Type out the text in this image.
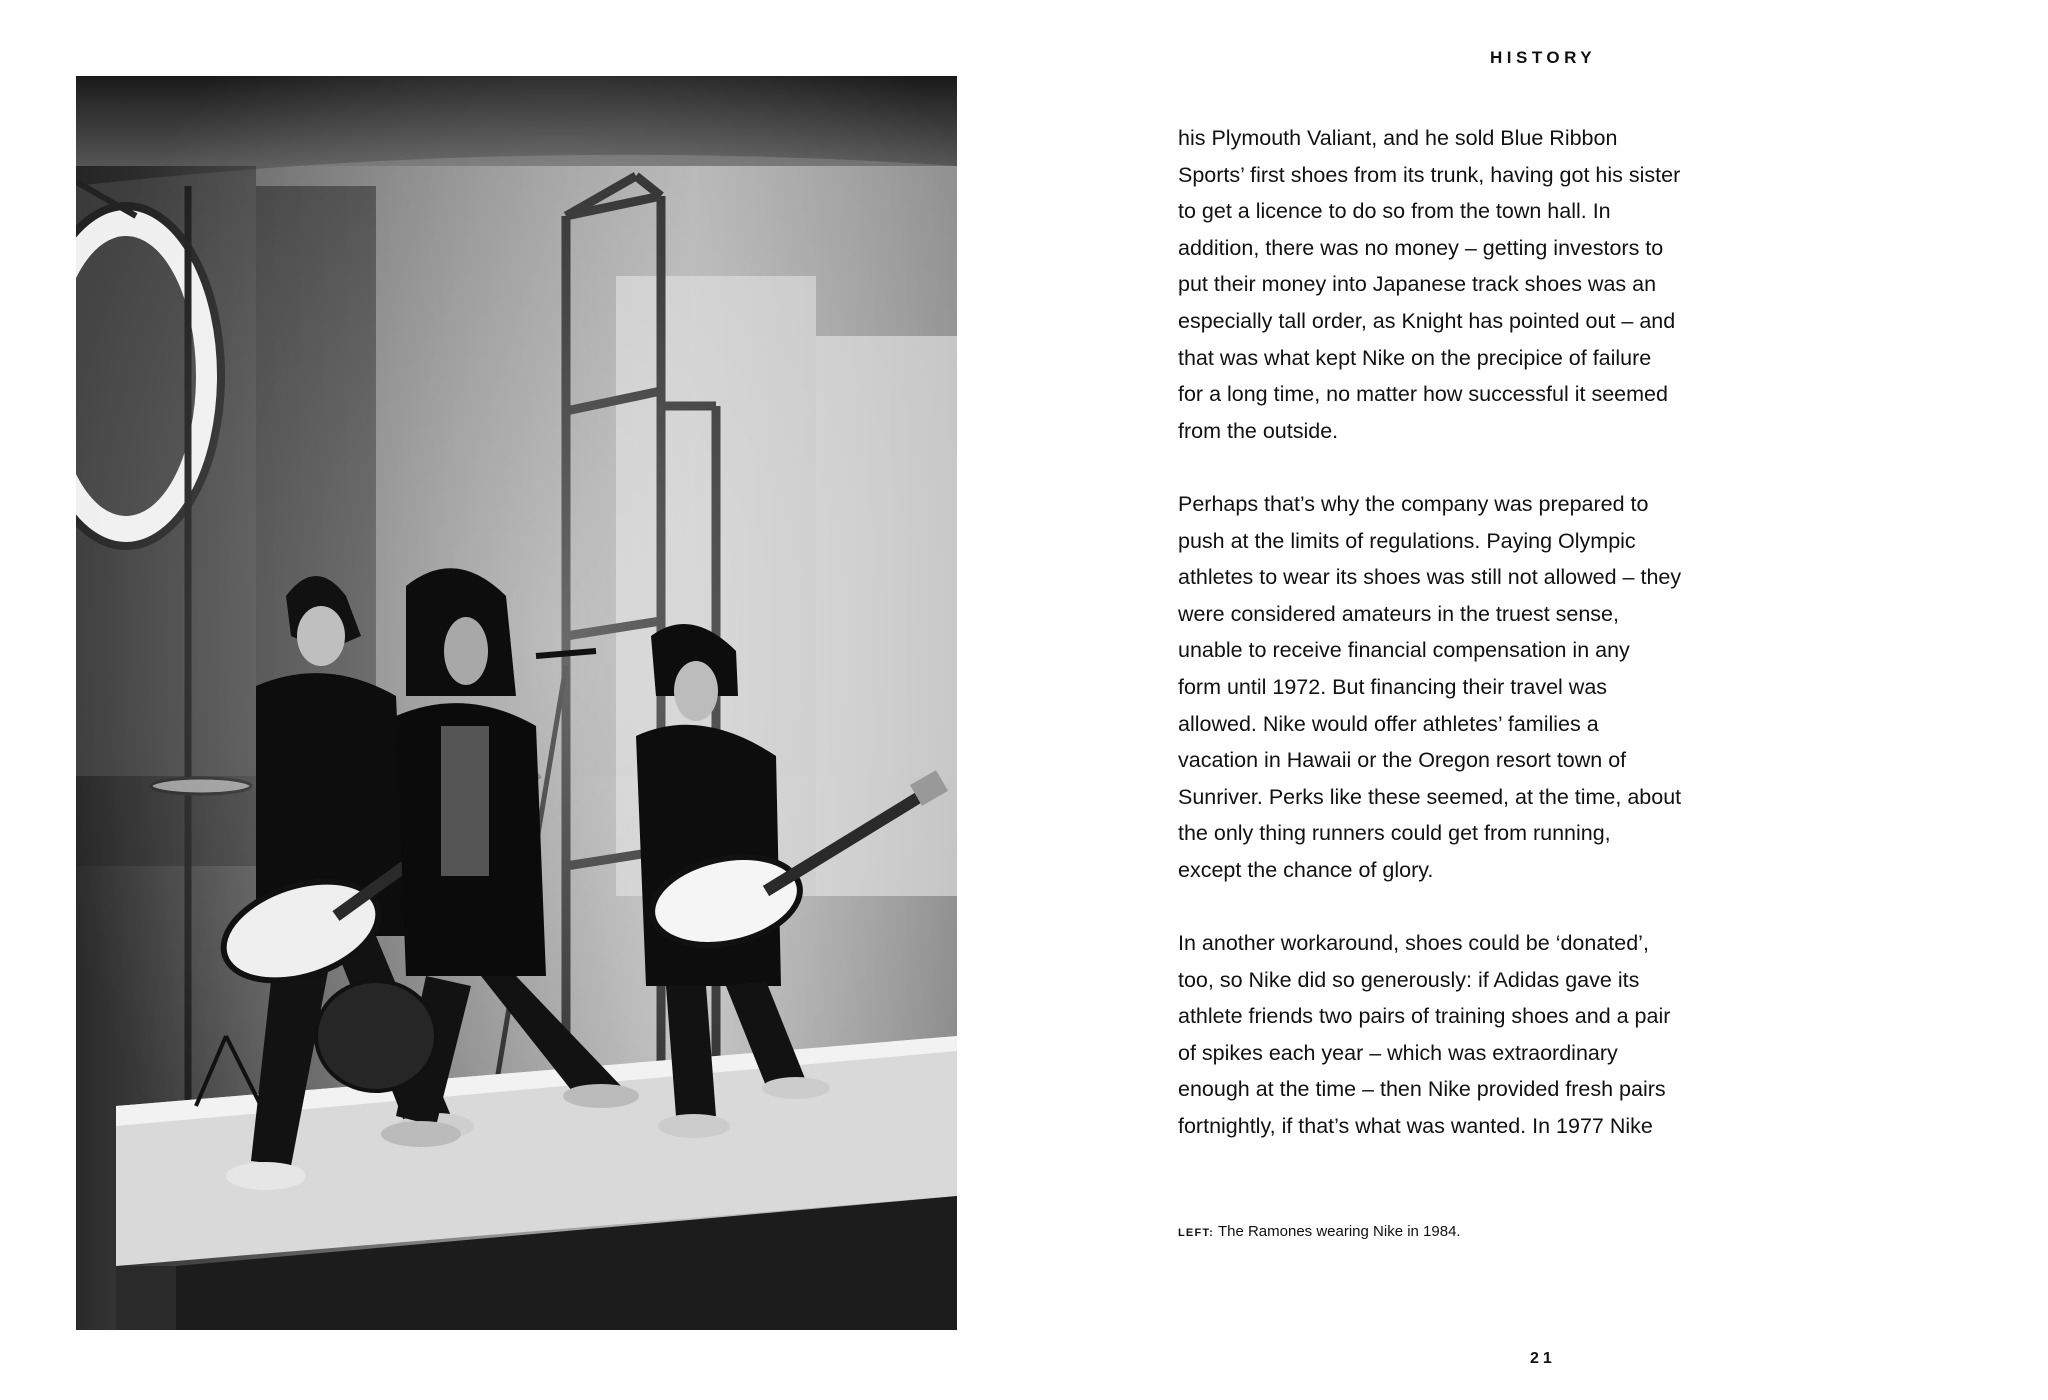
HISTORY

his Plymouth Valiant, and he sold Blue Ribbon
Sports’ first shoes from its trunk, having got his sister
to get a licence to do so from the town hall. In
addition, there was no money – getting investors to
put their money into Japanese track shoes was an
especially tall order, as Knight has pointed out – and
that was what kept Nike on the precipice of failure
for a long time, no matter how successful it seemed
from the outside.

Perhaps that’s why the company was prepared to
push at the limits of regulations. Paying Olympic
athletes to wear its shoes was still not allowed – they
were considered amateurs in the truest sense,
unable to receive financial compensation in any
form until 1972. But financing their travel was
allowed. Nike would offer athletes’ families a
vacation in Hawaii or the Oregon resort town of
Sunriver. Perks like these seemed, at the time, about
the only thing runners could get from running,
except the chance of glory.

In another workaround, shoes could be ‘donated’,
too, so Nike did so generously: if Adidas gave its
athlete friends two pairs of training shoes and a pair
of spikes each year – which was extraordinary
enough at the time – then Nike provided fresh pairs
fortnightly, if that’s what was wanted. In 1977 Nike

LEFT: The Ramones wearing Nike in 1984.
21
